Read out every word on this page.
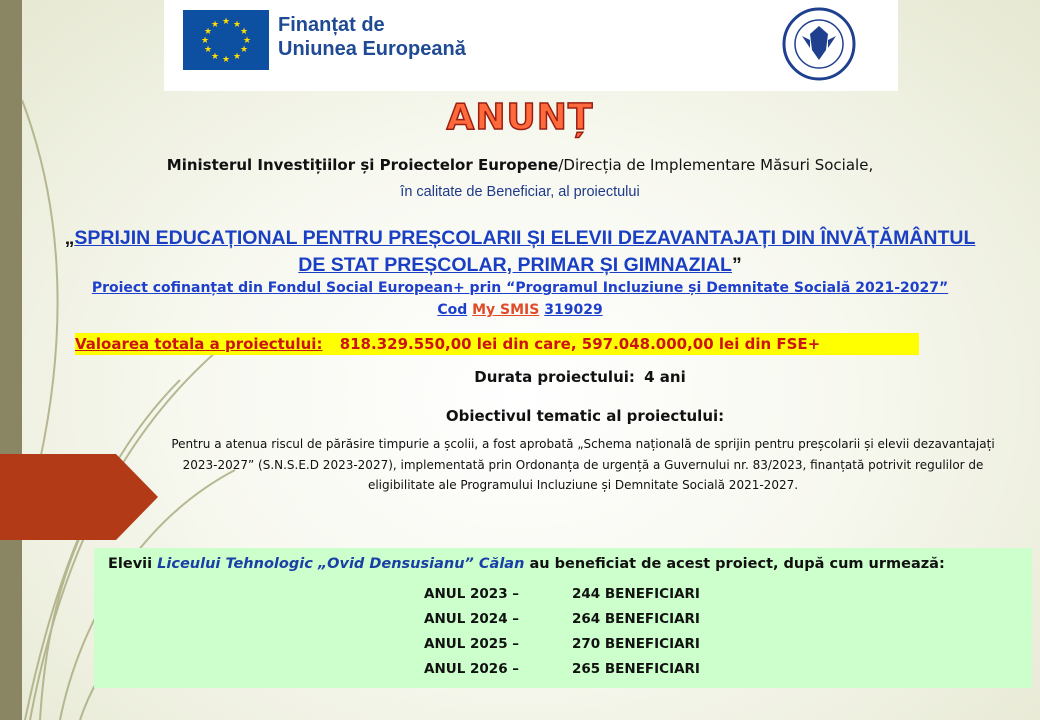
★ ★
★
★
★
★
★
★
★
★
★
★	Finanțat de
Uniunea Europeană
ANUNȚ
Ministerul Investițiilor și Proiectelor Europene/Direcția de Implementare Măsuri Sociale,
în calitate de Beneficiar, al proiectului
„SPRIJIN EDUCAȚIONAL PENTRU PREȘCOLARII ȘI ELEVII DEZAVANTAJAȚI DIN ÎNVĂȚĂMÂNTUL
DE STAT PREȘCOLAR, PRIMAR ȘI GIMNAZIAL”
Proiect cofinanțat din Fondul Social European+ prin “Programul Incluziune și Demnitate Socială 2021-2027”
Cod My SMIS 319029
Valoarea totala a proiectului: 818.329.550,00 lei din care, 597.048.000,00 lei din FSE+
Durata proiectului: 4 ani
Obiectivul tematic al proiectului:
Pentru a atenua riscul de părăsire timpurie a școlii, a fost aprobată „Schema națională de sprijin pentru preșcolarii și elevii dezavantajați 2023-2027” (S.N.S.E.D 2023-2027), implementată prin Ordonanța de urgență a Guvernului nr. 83/2023, finanțată potrivit regulilor de eligibilitate ale Programului Incluziune și Demnitate Socială 2021-2027.
Elevii Liceului Tehnologic „Ovid Densusianu” Călan au beneficiat de acest proiect, după cum urmează:
ANUL 2023 –	244 BENEFICIARI
ANUL 2024 –	264 BENEFICIARI
ANUL 2025 –	270 BENEFICIARI
ANUL 2026 –	265 BENEFICIARI
